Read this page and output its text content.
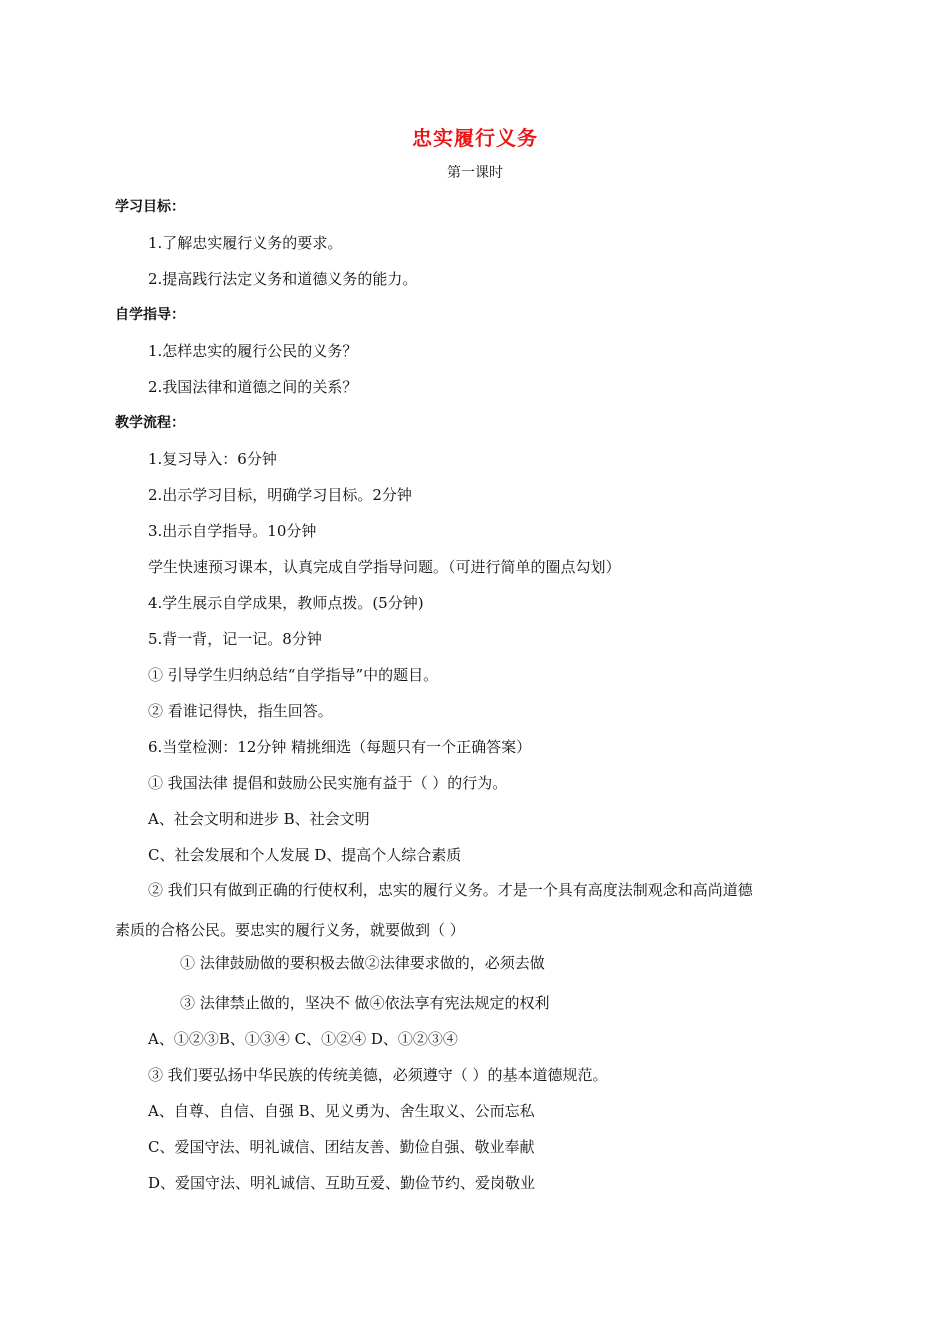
忠实履行义务
第一课时
学习目标：
1.了解忠实履行义务的要求。
2.提高践行法定义务和道德义务的能力。
自学指导：
1.怎样忠实的履行公民的义务？
2.我国法律和道德之间的关系？
教学流程：
1.复习导入：6分钟
2.出示学习目标，明确学习目标。2分钟
3.出示自学指导。10分钟
学生快速预习课本，认真完成自学指导问题。（可进行简单的圈点勾划）
4.学生展示自学成果，教师点拨。(5分钟)
5.背一背，记一记。8分钟
① 引导学生归纳总结“自学指导”中的题目。
② 看谁记得快，指生回答。
6.当堂检测：12分钟 精挑细选（每题只有一个正确答案）
① 我国法律 提倡和鼓励公民实施有益于（ ）的行为。
A、社会文明和进步 B、社会文明
C、社会发展和个人发展 D、提高个人综合素质
② 我们只有做到正确的行使权利，忠实的履行义务。才是一个具有高度法制观念和高尚道德
素质的合格公民。要忠实的履行义务，就要做到（ ）
① 法律鼓励做的要积极去做②法律要求做的，必须去做
③ 法律禁止做的，坚决不 做④依法享有宪法规定的权利
A、①②③B、①③④ C、①②④ D、①②③④
③ 我们要弘扬中华民族的传统美德，必须遵守（ ）的基本道德规范。
A、自尊、自信、自强 B、见义勇为、舍生取义、公而忘私
C、爱国守法、明礼诚信、团结友善、勤俭自强、敬业奉献
D、爱国守法、明礼诚信、互助互爱、勤俭节约、爱岗敬业
